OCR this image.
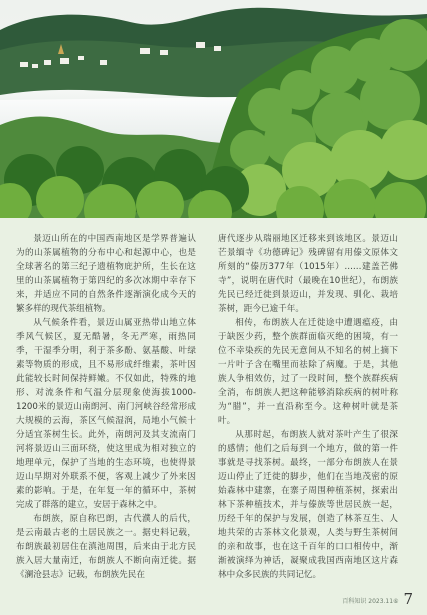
景迈山所在的中国西南地区是学界普遍认为的山茶属植物的分布中心和起源中心，也是全球著名的第三纪子遗植物庇护所，生长在这里的山茶属植物于第四纪的多次冰期中幸存下来，并适应不同的自然条件逐渐演化成今天的繁多样的现代茶组植物。

从气候条件看，景迈山属亚热带山地立体季风气候区，夏无酷暑，冬无严寒，雨热同季，干湿季分明，利于茶多酚、氨基酸、叶绿素等物质的形成，且不易形成纤维素，茶叶因此能较长时间保持鲜嫩。不仅如此，特殊的地形、对流条件和气温分层现象使海拔1000-1200米的景迈山南朗河、南门河峡谷经常形成大规模的云海，茶区气候湿润，局地小气候十分适宜茶树生长。此外，南朗河及其支流南门河将景迈山三面环绕，使这里成为相对独立的地理单元，保护了当地的生态环境，也使得景迈山早期对外联系不便，客观上减少了外来因素的影响。于是，在年复一年的循环中，茶树完成了群落的建立，安居于森林之中。

布朗族，原自称巴朗，古代濮人的后代，是云南最古老的土居民族之一。据史料记载，布朗族最初居住在滇池周围，后来由于北方民族入居大量南迁，布朗族人不断向南迁徙。据《澜沧县志》记载，布朗族先民在

唐代逐步从瑞丽地区迁移来到该地区。景迈山芒景缅寺《功德碑记》残碑留有用傣文原体文所刻的“傣历377年（1015年）……建盖芒佛寺”，说明在唐代时（最晚在10世纪），布朗族先民已经迁徙到景迈山，并发现、驯化、栽培茶树，距今已逾千年。

相传，布朗族人在迁徙途中遭遇瘟疫，由于缺医少药，整个族群面临灭绝的困境，有一位不幸染疾的先民无意间从不知名的树上摘下一片叶子含在嘴里而祛除了病魔。于是，其他族人争相效仿，过了一段时间，整个族群疾病全消，布朗族人把这种能够消除疾病的树叶称为“腊”，并一直沿称至今。这种树叶就是茶叶。

从那时起，布朗族人就对茶叶产生了很深的感情；他们之后每到一个地方，做的第一件事就是寻找茶树。最终，一部分布朗族人在景迈山停止了迁徙的脚步，他们在当地茂密的原始森林中建寨，在寨子周围种植茶树，探索出林下茶种植技术，并与傣族等世居民族一起，历经千年的保护与发展，创造了林茶互生、人地共荣的古茶林文化景观，人类与野生茶树间的亲和故事，也在这千百年的口口相传中，渐渐被演绎为神话，凝聚成我国西南地区这片森林中众多民族的共同记忆。

百科知识 2023.11⑥ 7
